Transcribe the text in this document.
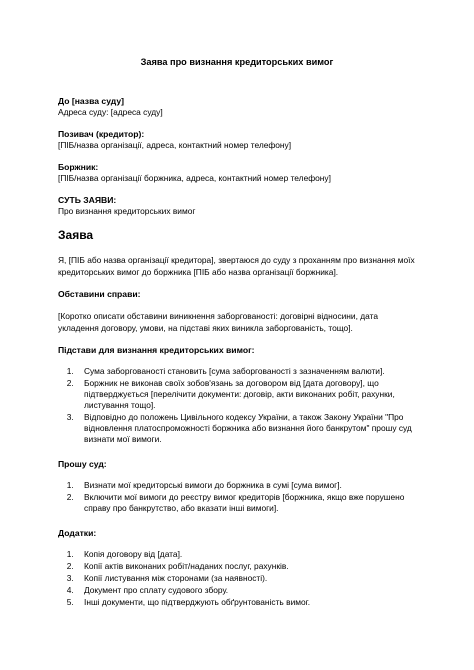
Заява про визнання кредиторських вимог

До [назва суду]

Адреса суду: [адреса суду]

Позивач (кредитор):

[ПІБ/назва організації, адреса, контактний номер телефону]

Боржник:

[ПІБ/назва організації боржника, адреса, контактний номер телефону]

СУТЬ ЗАЯВИ:

Про визнання кредиторських вимог

Заява

Я, [ПІБ або назва організації кредитора], звертаюся до суду з проханням про визнання моїх кредиторських вимог до боржника [ПІБ або назва організації боржника].

Обставини справи:

[Коротко описати обставини виникнення заборгованості: договірні відносини, дата укладення договору, умови, на підставі яких виникла заборгованість, тощо].

Підстави для визнання кредиторських вимог:

1. Сума заборгованості становить [сума заборгованості з зазначенням валюти].
2. Боржник не виконав своїх зобов'язань за договором від [дата договору], що підтверджується [перелічити документи: договір, акти виконаних робіт, рахунки, листування тощо].
3. Відповідно до положень Цивільного кодексу України, а також Закону України "Про відновлення платоспроможності боржника або визнання його банкрутом" прошу суд визнати мої вимоги.

Прошу суд:

1. Визнати мої кредиторські вимоги до боржника в сумі [сума вимог].
2. Включити мої вимоги до реєстру вимог кредиторів [боржника, якщо вже порушено справу про банкрутство, або вказати інші вимоги].

Додатки:

1. Копія договору від [дата].
2. Копії актів виконаних робіт/наданих послуг, рахунків.
3. Копії листування між сторонами (за наявності).
4. Документ про сплату судового збору.
5. Інші документи, що підтверджують обґрунтованість вимог.
